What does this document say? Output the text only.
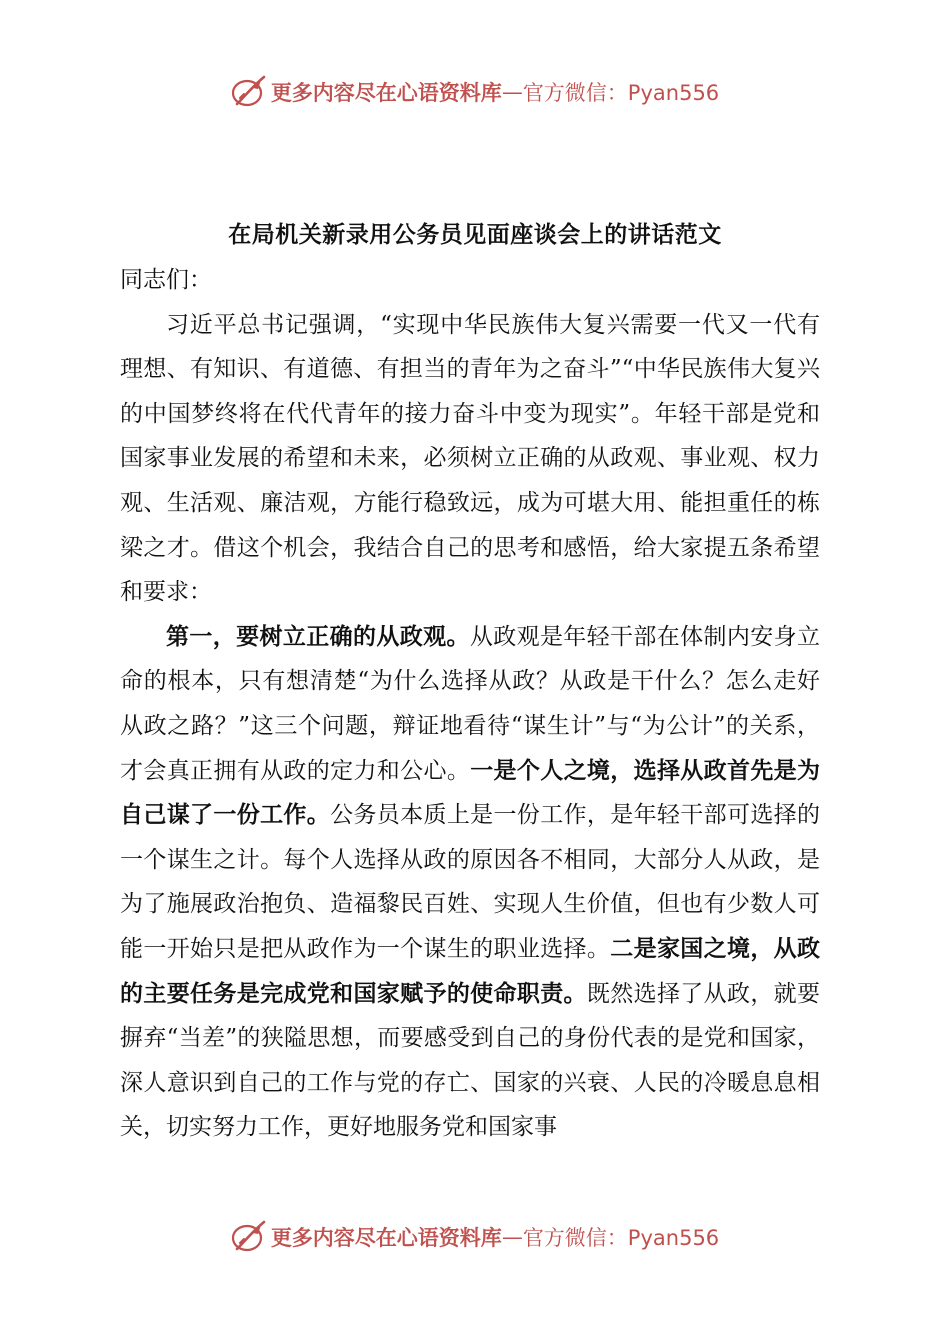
更多内容尽在心语资料库 — 官方微信：Pyan556
在局机关新录用公务员见面座谈会上的讲话范文

同志们：

习近平总书记强调，“实现中华民族伟大复兴需要一代又一代有理想、有知识、有道德、有担当的青年为之奋斗”“中华民族伟大复兴的中国梦终将在代代青年的接力奋斗中变为现实”。年轻干部是党和国家事业发展的希望和未来，必须树立正确的从政观、事业观、权力观、生活观、廉洁观，方能行稳致远，成为可堪大用、能担重任的栋梁之才。借这个机会，我结合自己的思考和感悟，给大家提五条希望和要求：

第一，要树立正确的从政观。从政观是年轻干部在体制内安身立命的根本，只有想清楚“为什么选择从政？从政是干什么？怎么走好从政之路？”这三个问题，辩证地看待“谋生计”与“为公计”的关系，才会真正拥有从政的定力和公心。一是个人之境，选择从政首先是为自己谋了一份工作。公务员本质上是一份工作，是年轻干部可选择的一个谋生之计。每个人选择从政的原因各不相同，大部分人从政，是为了施展政治抱负、造福黎民百姓、实现人生价值，但也有少数人可能一开始只是把从政作为一个谋生的职业选择。二是家国之境，从政的主要任务是完成党和国家赋予的使命职责。既然选择了从政，就要摒弃“当差”的狭隘思想，而要感受到自己的身份代表的是党和国家，深人意识到自己的工作与党的存亡、国家的兴衰、人民的冷暖息息相关，切实努力工作，更好地服务党和国家事

更多内容尽在心语资料库 — 官方微信：Pyan556
